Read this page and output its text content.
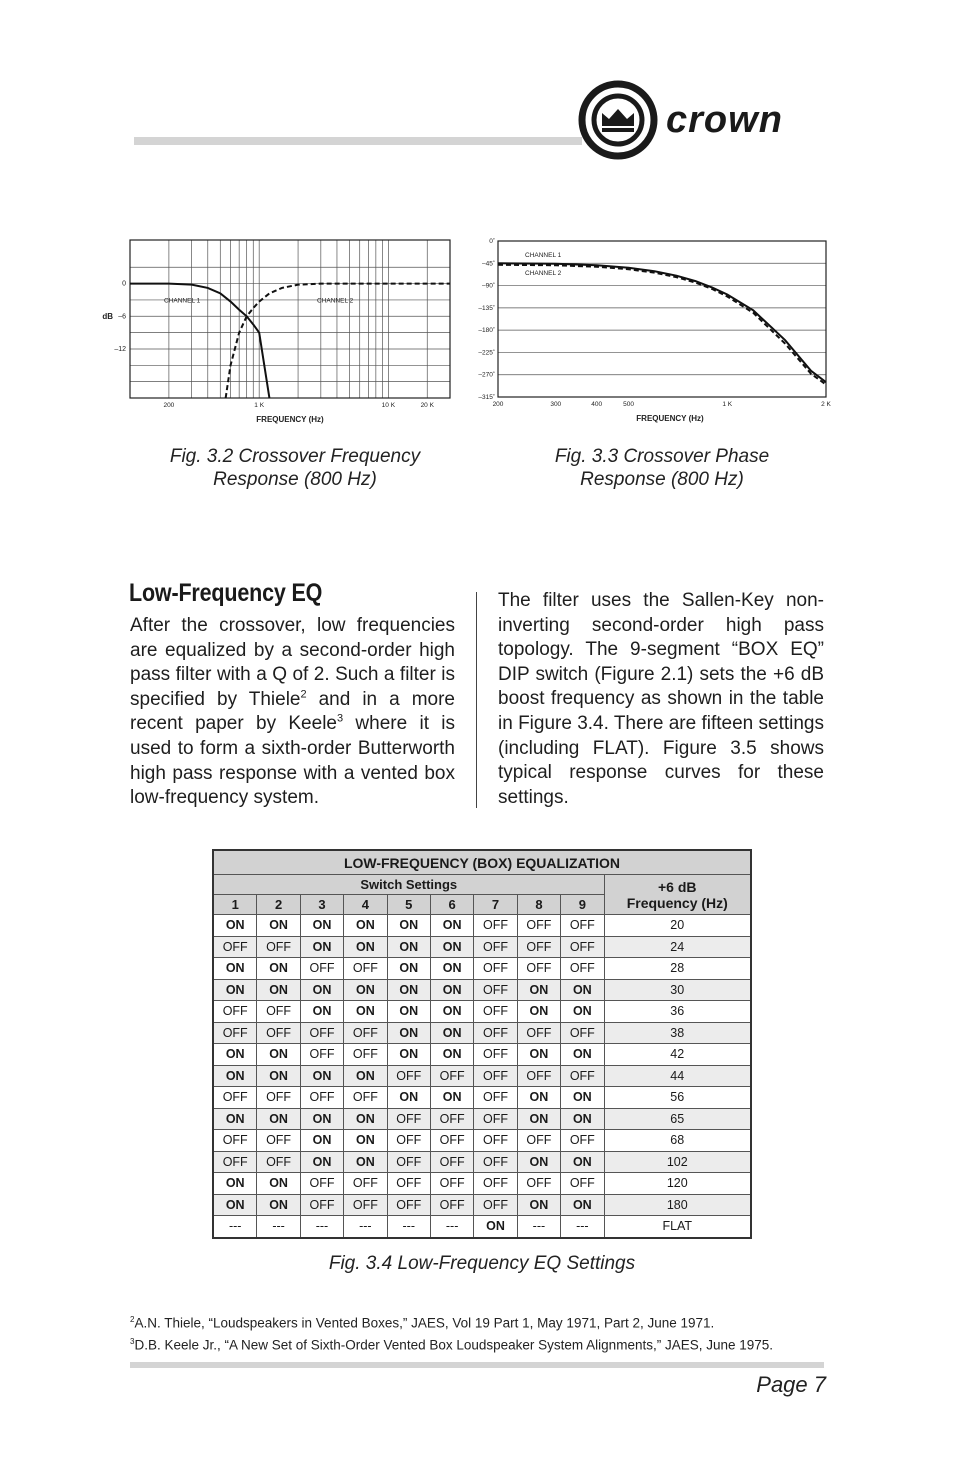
crown
0
–6
–12
dB
200	1 K	10 K	20 K
FREQUENCY (Hz)
CHANNEL 1	CHANNEL 2
Fig. 3.2 Crossover Frequency
Response (800 Hz)
0˚
–45˚
–90˚
–135˚
–180˚
–225˚
–270˚
–315˚
200	300	400	500	1 K	2 K
FREQUENCY (Hz)
CHANNEL 1
CHANNEL 2
Fig. 3.3 Crossover Phase
Response (800 Hz)
Low-Frequency EQ
After the crossover, low frequencies are equalized by a second-order high pass filter with a Q of 2. Such a filter is specified by Thiele$^2$ and in a more recent paper by Keele$^3$ where it is used to form a sixth-order Butterworth high pass response with a vented box low-frequency system.
The filter uses the Sallen-Key non-inverting second-order high pass topology. The 9-segment “BOX EQ” DIP switch (Figure 2.1) sets the +6 dB boost frequency as shown in the table in Figure 3.4. There are fifteen settings (including FLAT). Figure 3.5 shows typical response curves for these settings.
LOW-FREQUENCY (BOX) EQUALIZATION									
Switch Settings									+6 dB
Frequency (Hz)

1	2	3	4	5	6	7	8	9	
ON	ON	ON	ON	ON	ON	OFF	OFF	OFF	20
OFF	OFF	ON	ON	ON	ON	OFF	OFF	OFF	24
ON	ON	OFF	OFF	ON	ON	OFF	OFF	OFF	28
ON	ON	ON	ON	ON	ON	OFF	ON	ON	30
OFF	OFF	ON	ON	ON	ON	OFF	ON	ON	36
OFF	OFF	OFF	OFF	ON	ON	OFF	OFF	OFF	38
ON	ON	OFF	OFF	ON	ON	OFF	ON	ON	42
ON	ON	ON	ON	OFF	OFF	OFF	OFF	OFF	44
OFF	OFF	OFF	OFF	ON	ON	OFF	ON	ON	56
ON	ON	ON	ON	OFF	OFF	OFF	ON	ON	65
OFF	OFF	ON	ON	OFF	OFF	OFF	OFF	OFF	68
OFF	OFF	ON	ON	OFF	OFF	OFF	ON	ON	102
ON	ON	OFF	OFF	OFF	OFF	OFF	OFF	OFF	120
ON	ON	OFF	OFF	OFF	OFF	OFF	ON	ON	180
---	---	---	---	---	---	ON	---	---	FLAT
Fig. 3.4 Low-Frequency EQ Settings
$^2$A.N. Thiele, “Loudspeakers in Vented Boxes,” JAES, Vol 19 Part 1, May 1971, Part 2, June 1971.
$^3$D.B. Keele Jr., “A New Set of Sixth-Order Vented Box Loudspeaker System Alignments,” JAES, June 1975.
Page 7
